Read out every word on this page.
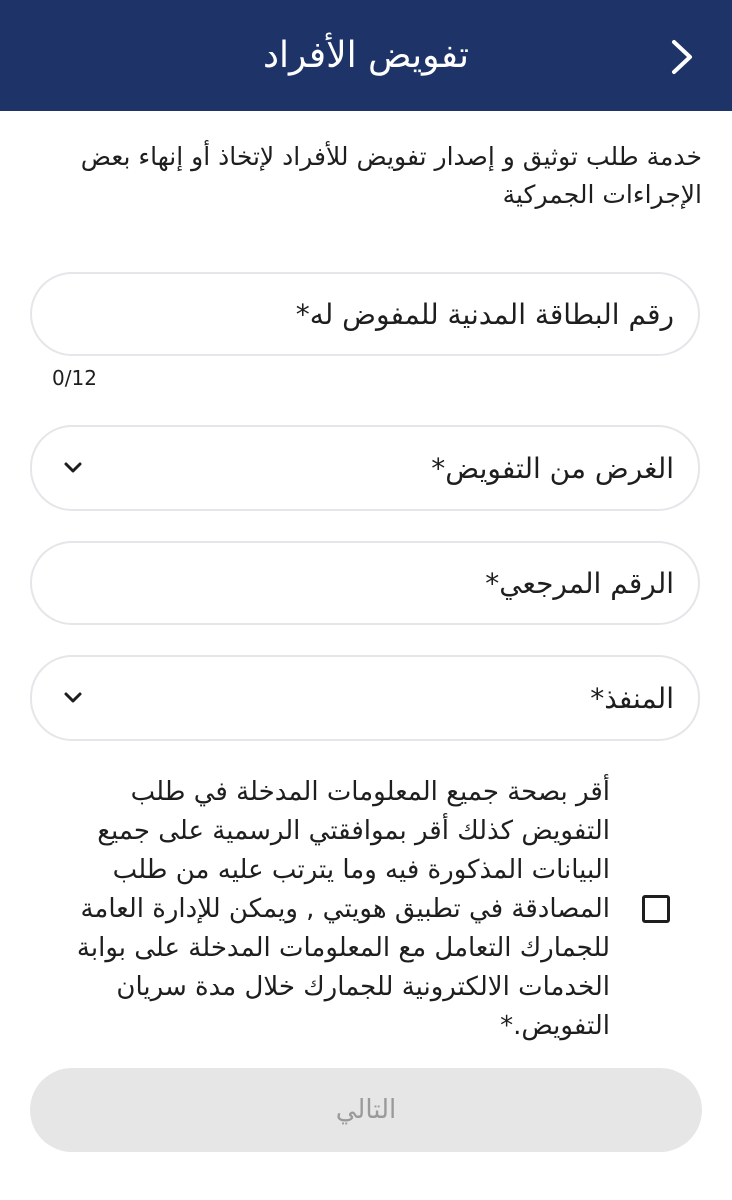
تفويض الأفراد
خدمة طلب توثيق و إصدار تفويض للأفراد لإتخاذ أو إنهاء بعض الإجراءات الجمركية
رقم البطاقة المدنية للمفوض له*
0/12
الغرض من التفويض*
الرقم المرجعي*
المنفذ*
أقر بصحة جميع المعلومات المدخلة في طلب التفويض كذلك أقر بموافقتي الرسمية على جميع البيانات المذكورة فيه وما يترتب عليه من طلب المصادقة في تطبيق هويتي , ويمكن للإدارة العامة للجمارك التعامل مع المعلومات المدخلة على بوابة الخدمات الالكترونية للجمارك خلال مدة سريان التفويض.*
التالي
